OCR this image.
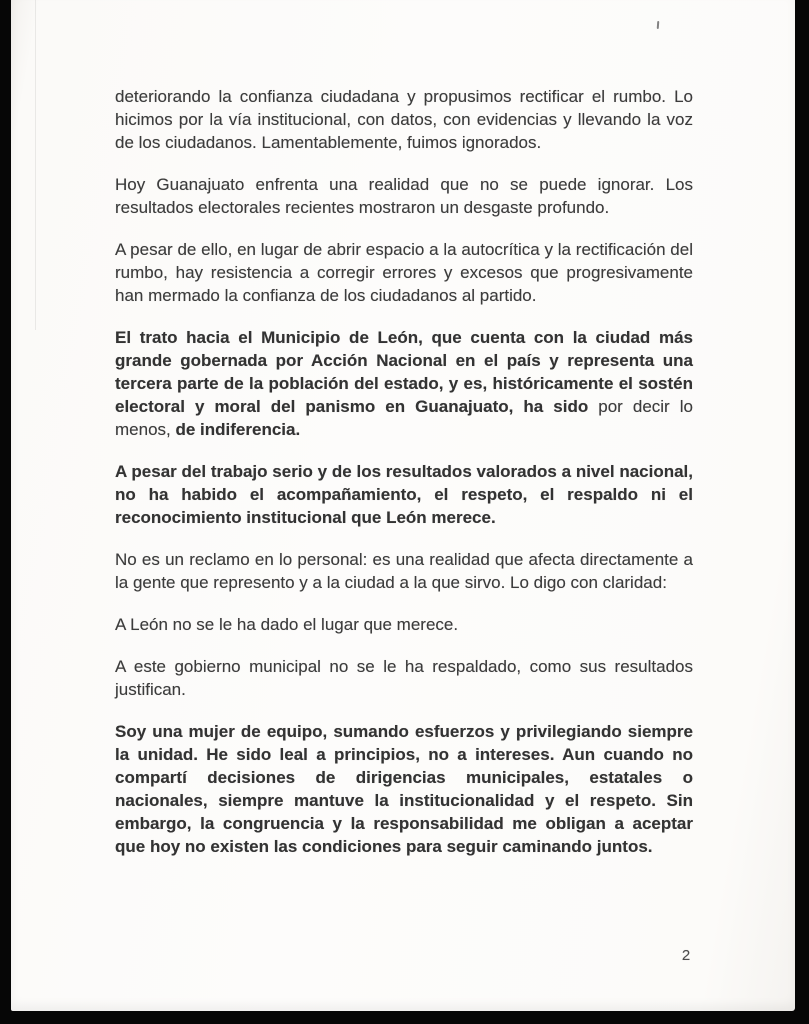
deteriorando la confianza ciudadana y propusimos rectificar el rumbo. Lo hicimos por la vía institucional, con datos, con evidencias y llevando la voz de los ciudadanos. Lamentablemente, fuimos ignorados.

Hoy Guanajuato enfrenta una realidad que no se puede ignorar. Los resultados electorales recientes mostraron un desgaste profundo.

A pesar de ello, en lugar de abrir espacio a la autocrítica y la rectificación del rumbo, hay resistencia a corregir errores y excesos que progresivamente han mermado la confianza de los ciudadanos al partido.

El trato hacia el Municipio de León, que cuenta con la ciudad más grande gobernada por Acción Nacional en el país y representa una tercera parte de la población del estado, y es, históricamente el sostén electoral y moral del panismo en Guanajuato, ha sido por decir lo menos, de indiferencia.

A pesar del trabajo serio y de los resultados valorados a nivel nacional, no ha habido el acompañamiento, el respeto, el respaldo ni el reconocimiento institucional que León merece.

No es un reclamo en lo personal: es una realidad que afecta directamente a la gente que represento y a la ciudad a la que sirvo. Lo digo con claridad:

A León no se le ha dado el lugar que merece.

A este gobierno municipal no se le ha respaldado, como sus resultados justifican.

Soy una mujer de equipo, sumando esfuerzos y privilegiando siempre la unidad. He sido leal a principios, no a intereses. Aun cuando no compartí decisiones de dirigencias municipales, estatales o nacionales, siempre mantuve la institucionalidad y el respeto. Sin embargo, la congruencia y la responsabilidad me obligan a aceptar que hoy no existen las condiciones para seguir caminando juntos.

2
